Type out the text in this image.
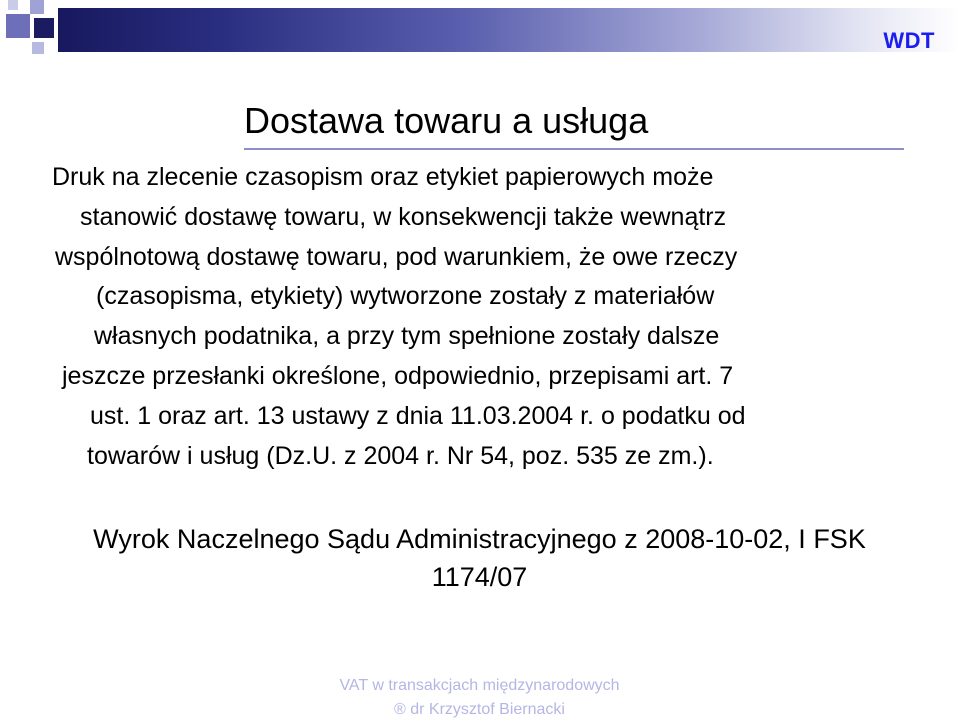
WDT
Dostawa towaru a usługa
Druk na zlecenie czasopism oraz etykiet papierowych może
stanowić dostawę towaru, w konsekwencji także wewnątrz
wspólnotową dostawę towaru, pod warunkiem, że owe rzeczy
(czasopisma, etykiety) wytworzone zostały z materiałów
własnych podatnika, a przy tym spełnione zostały dalsze
jeszcze przesłanki określone, odpowiednio, przepisami art. 7
ust. 1 oraz art. 13 ustawy z dnia 11.03.2004 r. o podatku od
towarów i usług (Dz.U. z 2004 r. Nr 54, poz. 535 ze zm.).
Wyrok Naczelnego Sądu Administracyjnego z 2008-10-02, I FSK
1174/07
VAT w transakcjach międzynarodowych
® dr Krzysztof Biernacki
